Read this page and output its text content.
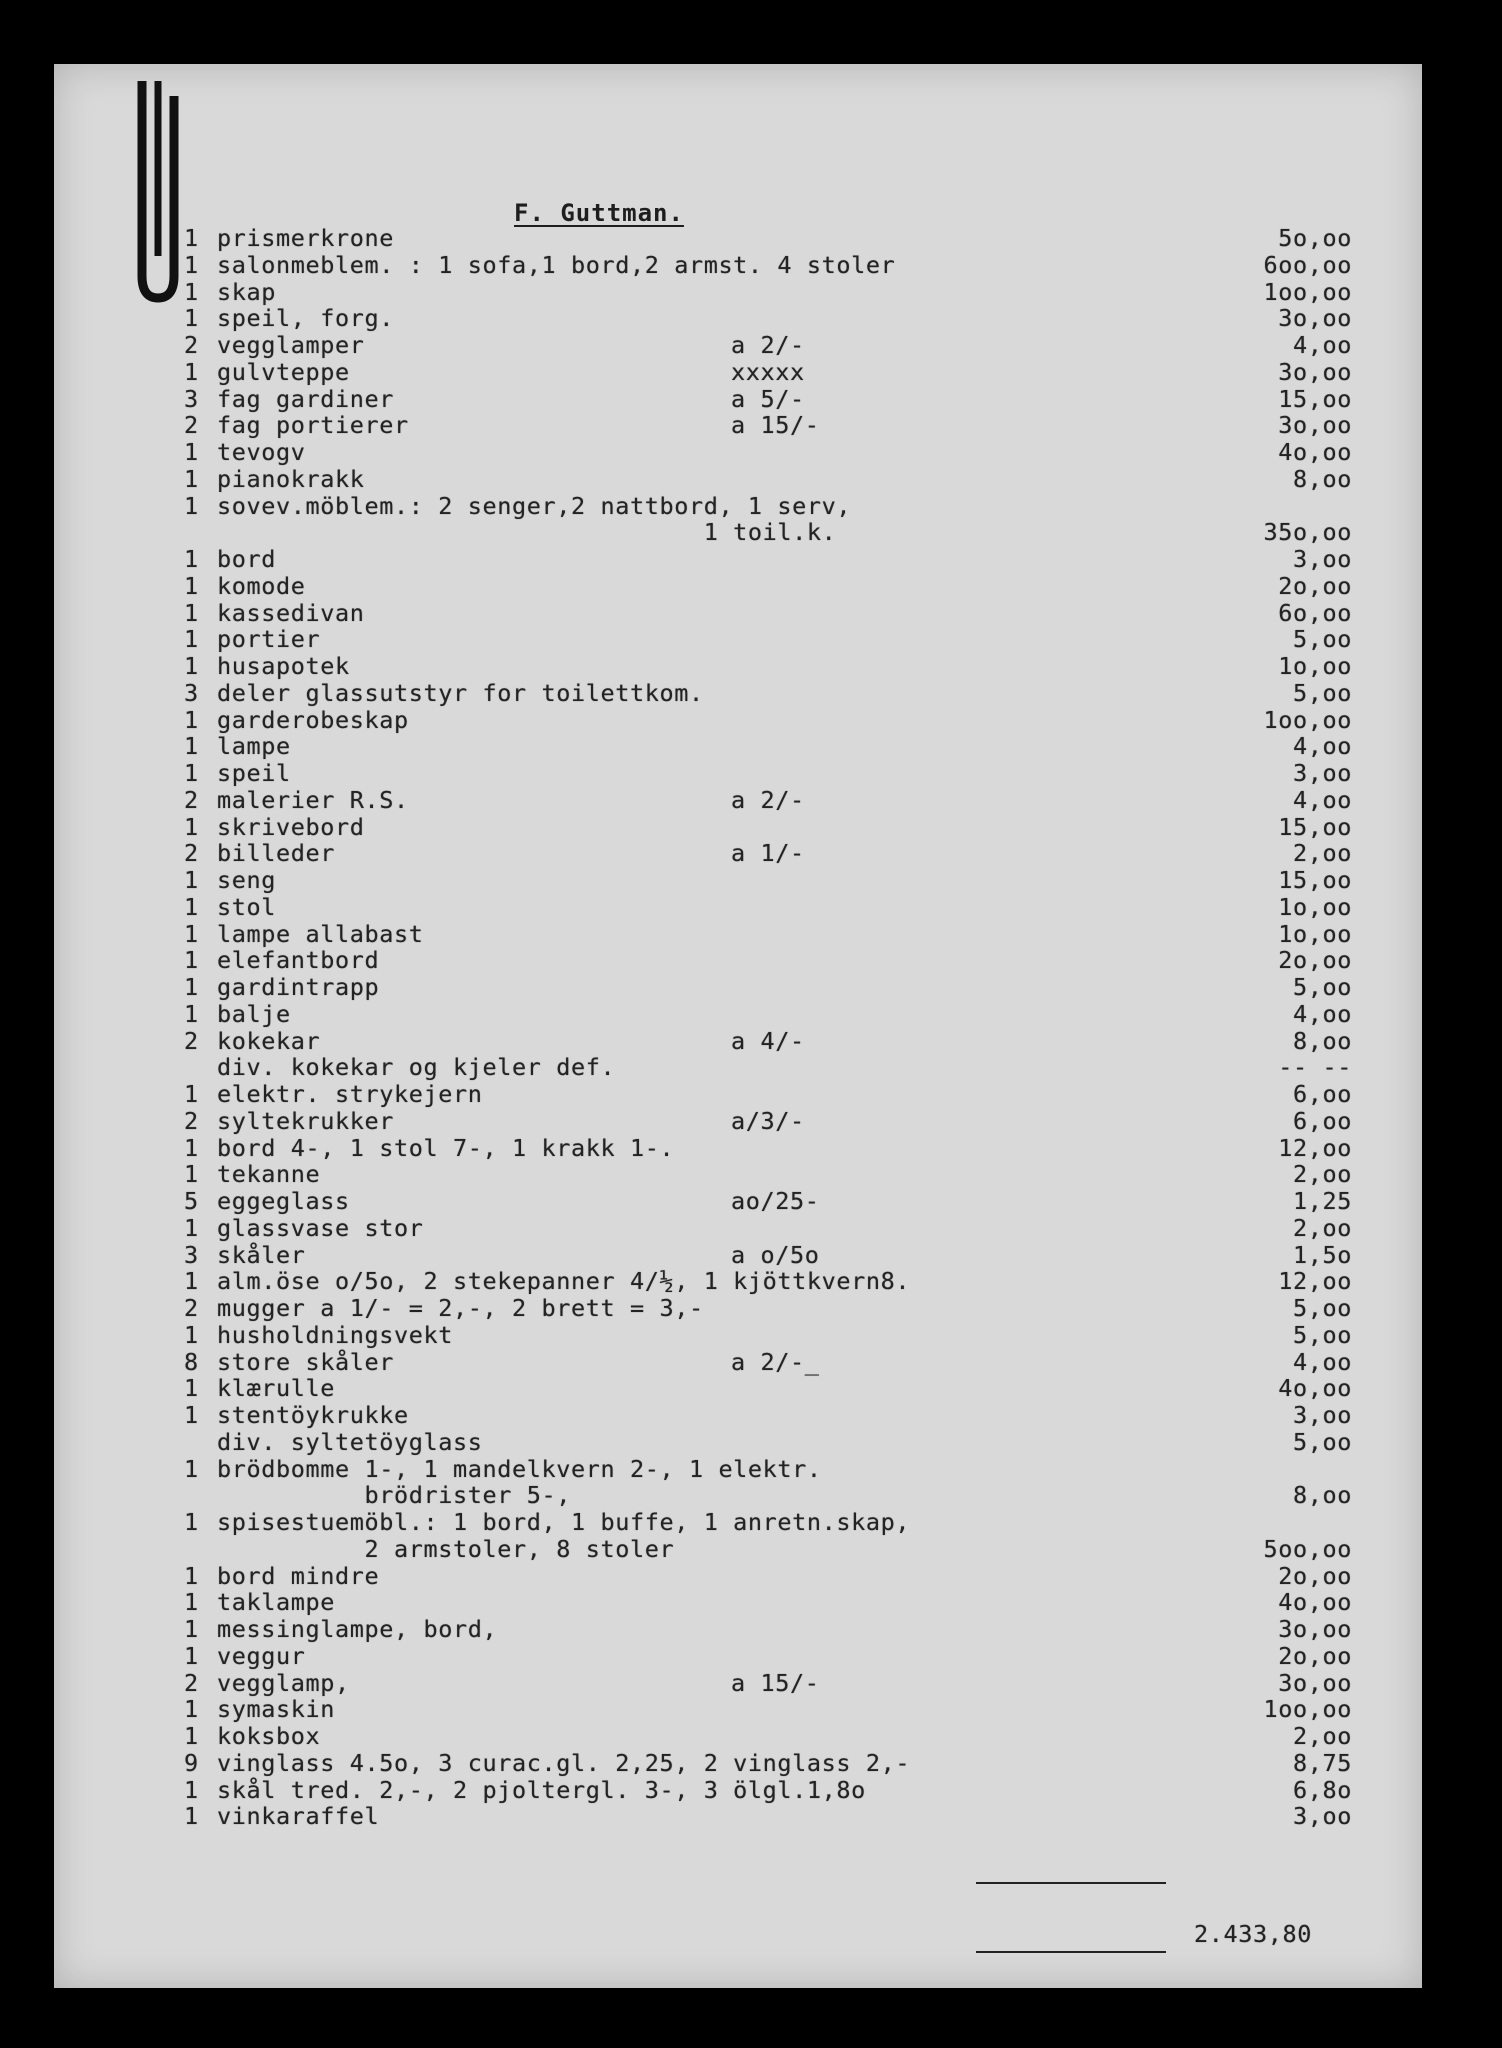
F. Guttman.
1 prismerkrone	5o,oo
1 salonmeblem. : 1 sofa,1 bord,2 armst. 4 stoler	6oo,oo
1 skap	1oo,oo
1 speil, forg.	3o,oo
2 vegglamper	a 2/-	4,oo
1 gulvteppe	xxxxx	3o,oo
3 fag gardiner	a 5/-	15,oo
2 fag portierer	a 15/-	3o,oo
1 tevogv	4o,oo
1 pianokrakk	8,oo
1 sovev.möblem.: 2 senger,2 nattbord, 1 serv,
1 toil.k.	35o,oo
1 bord	3,oo
1 komode	2o,oo
1 kassedivan	6o,oo
1 portier	5,oo
1 husapotek	1o,oo
3 deler glassutstyr for toilettkom.	5,oo
1 garderobeskap	1oo,oo
1 lampe	4,oo
1 speil	3,oo
2 malerier R.S.	a 2/-	4,oo
1 skrivebord	15,oo
2 billeder	a 1/-	2,oo
1 seng	15,oo
1 stol	1o,oo
1 lampe allabast	1o,oo
1 elefantbord	2o,oo
1 gardintrapp	5,oo
1 balje	4,oo
2 kokekar	a 4/-	8,oo
div. kokekar og kjeler def.	-- --
1 elektr. strykejern	6,oo
2 syltekrukker	a/3/-	6,oo
1 bord 4-, 1 stol 7-, 1 krakk 1-.	12,oo
1 tekanne	2,oo
5 eggeglass	ao/25-	1,25
1 glassvase stor	2,oo
3 skåler	a o/5o	1,5o
1 alm.öse o/5o, 2 stekepanner 4/½, 1 kjöttkvern8.	12,oo
2 mugger a 1/- = 2,-, 2 brett = 3,-	5,oo
1 husholdningsvekt	5,oo
8 store skåler	a 2/-_	4,oo
1 klærulle	4o,oo
1 stentöykrukke	3,oo
div. syltetöyglass	5,oo
1 brödbomme 1-, 1 mandelkvern 2-, 1 elektr.
brödrister 5-,	8,oo
1 spisestuemöbl.: 1 bord, 1 buffe, 1 anretn.skap,
2 armstoler, 8 stoler	5oo,oo
1 bord mindre	2o,oo
1 taklampe	4o,oo
1 messinglampe, bord,	3o,oo
1 veggur	2o,oo
2 vegglamp,	a 15/-	3o,oo
1 symaskin	1oo,oo
1 koksbox	2,oo
9 vinglass 4.5o, 3 curac.gl. 2,25, 2 vinglass 2,-	8,75
1 skål tred. 2,-, 2 pjoltergl. 3-, 3 ölgl.1,8o	6,8o
1 vinkaraffel	3,oo
2.433,80
